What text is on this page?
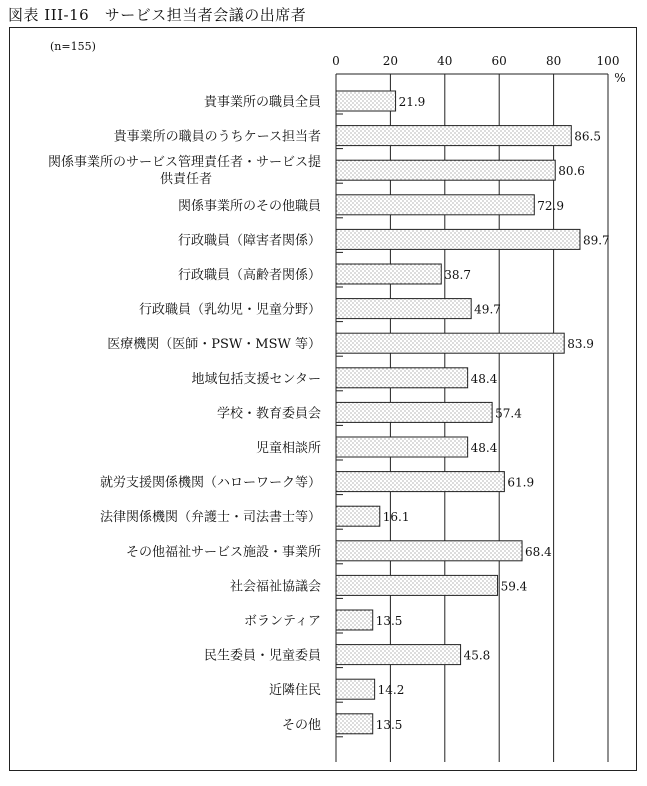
図表 III-16　サービス担当者会議の出席者
(n=155)
0	20	40	60	80	100
%
21.9
貴事業所の職員全員
86.5
貴事業所の職員のうちケース担当者
80.6
関係事業所のサービス管理責任者・サービス提
供責任者
72.9
関係事業所のその他職員
89.7
行政職員（障害者関係）
38.7
行政職員（高齢者関係）
49.7
行政職員（乳幼児・児童分野）
83.9
医療機関（医師・PSW・MSW 等）
48.4
地域包括支援センター
57.4
学校・教育委員会
48.4
児童相談所
61.9
就労支援関係機関（ハローワーク等）
16.1
法律関係機関（弁護士・司法書士等）
68.4
その他福祉サービス施設・事業所
59.4
社会福祉協議会
13.5
ボランティア
45.8
民生委員・児童委員
14.2
近隣住民
13.5
その他
